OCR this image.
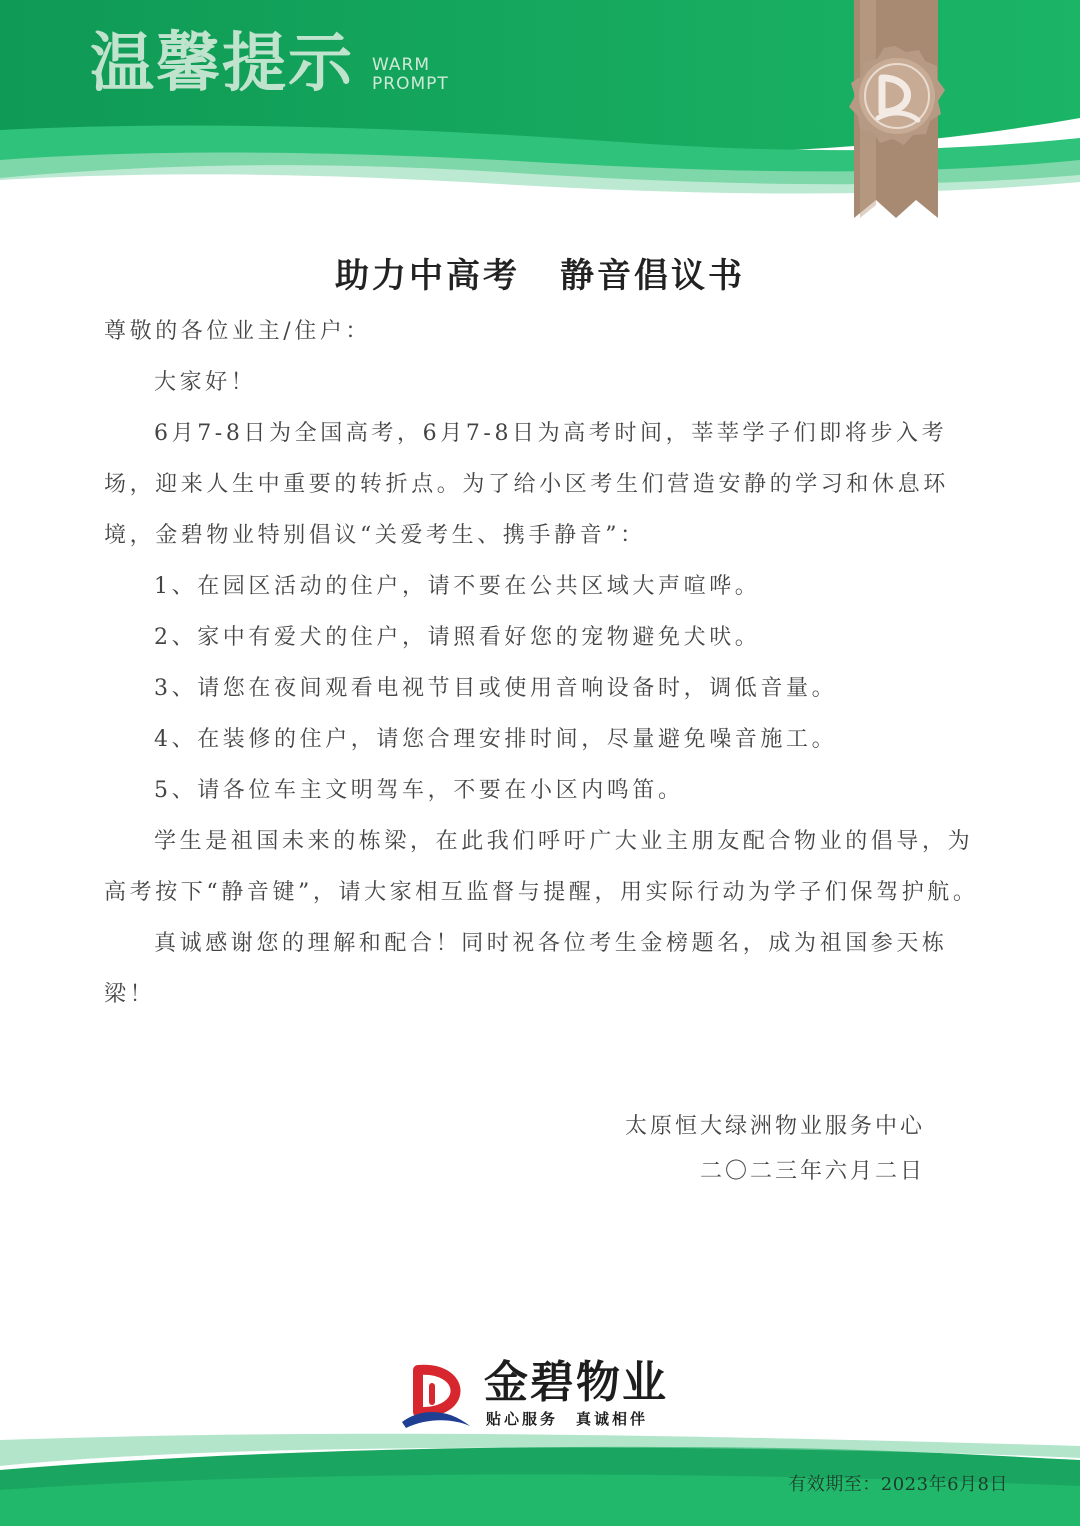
温馨提示 WARM
PROMPT
助力中高考 静音倡议书

尊敬的各位业主/住户：

大家好！

6月7-8日为全国高考，6月7-8日为高考时间，莘莘学子们即将步入考场，迎来人生中重要的转折点。为了给小区考生们营造安静的学习和休息环境，金碧物业特别倡议“关爱考生、携手静音”：

1、在园区活动的住户，请不要在公共区域大声喧哗。

2、家中有爱犬的住户，请照看好您的宠物避免犬吠。

3、请您在夜间观看电视节目或使用音响设备时，调低音量。

4、在装修的住户，请您合理安排时间，尽量避免噪音施工。

5、请各位车主文明驾车，不要在小区内鸣笛。

学生是祖国未来的栋梁，在此我们呼吁广大业主朋友配合物业的倡导，为高考按下“静音键”，请大家相互监督与提醒，用实际行动为学子们保驾护航。

真诚感谢您的理解和配合！同时祝各位考生金榜题名，成为祖国参天栋梁！

太原恒大绿洲物业服务中心
二〇二三年六月二日
金碧物业
贴心服务　真诚相伴
有效期至：2023年6月8日
